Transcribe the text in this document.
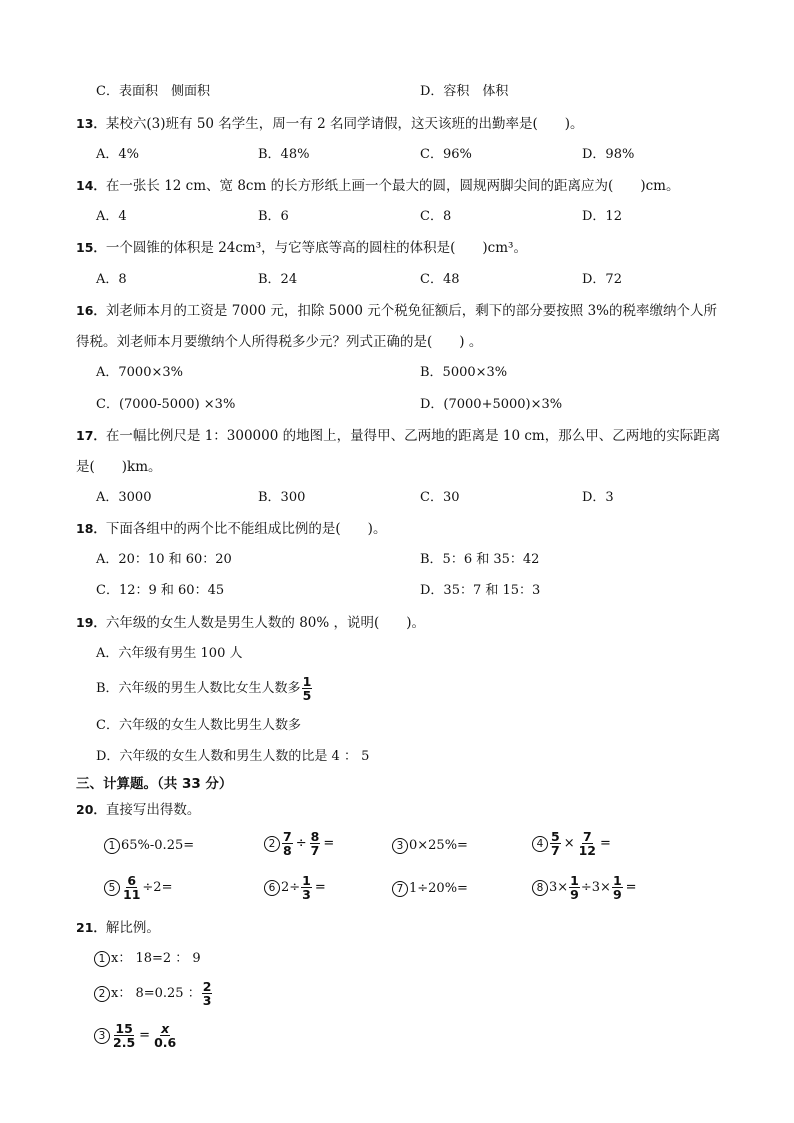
C．表面积　侧面积	D．容积　体积
13．某校六(3)班有 50 名学生，周一有 2 名同学请假，这天该班的出勤率是(　　)。
A．4%	B．48%	C．96%	D．98%
14．在一张长 12 cm、宽 8cm 的长方形纸上画一个最大的圆，圆规两脚尖间的距离应为(　　)cm。
A．4	B．6	C．8	D．12
15．一个圆锥的体积是 24cm³，与它等底等高的圆柱的体积是(　　)cm³。
A．8	B．24	C．48	D．72
16．刘老师本月的工资是 7000 元，扣除 5000 元个税免征额后，剩下的部分要按照 3%的税率缴纳个人所
得税。刘老师本月要缴纳个人所得税多少元？列式正确的是(　　) 。
A．7000×3%	B．5000×3%
C．(7000-5000) ×3%	D．(7000+5000)×3%
17．在一幅比例尺是 1：300000 的地图上，量得甲、乙两地的距离是 10 cm，那么甲、乙两地的实际距离
是(　　)km。
A．3000	B．300	C．30	D．3
18．下面各组中的两个比不能组成比例的是(　　)。
A．20：10 和 60：20	B．5：6 和 35：42
C．12：9 和 60：45	D．35：7 和 15：3
19．六年级的女生人数是男生人数的 80% ，说明(　　)。
A．六年级有男生 100 人
B．六年级的男生人数比女生人数多 $\frac{1}{5}$
C．六年级的女生人数比男生人数多
D．六年级的女生人数和男生人数的比是 4 ： 5
三、计算题。（共 33 分）
20．直接写出得数。
1 65%-0.25=	$2 \frac{7}{8} \div \frac{8}{7}$ =	3 0×25%=	$4 \frac{5}{7} \times \frac{7}{12}$ =
$5 \frac{6}{11} \div 2=$	6 $2\div \frac{1}{3}$ =	7 1÷20%=	8 $3\times \frac{1}{9} \div 3\times \frac{1}{9}$ =
21．解比例。
1 x： 18=2 ： 9
2 x： 8=0.25 ： $\frac{2}{3}$
$3 \frac{15}{2.5} = \frac{x}{0.6}$
